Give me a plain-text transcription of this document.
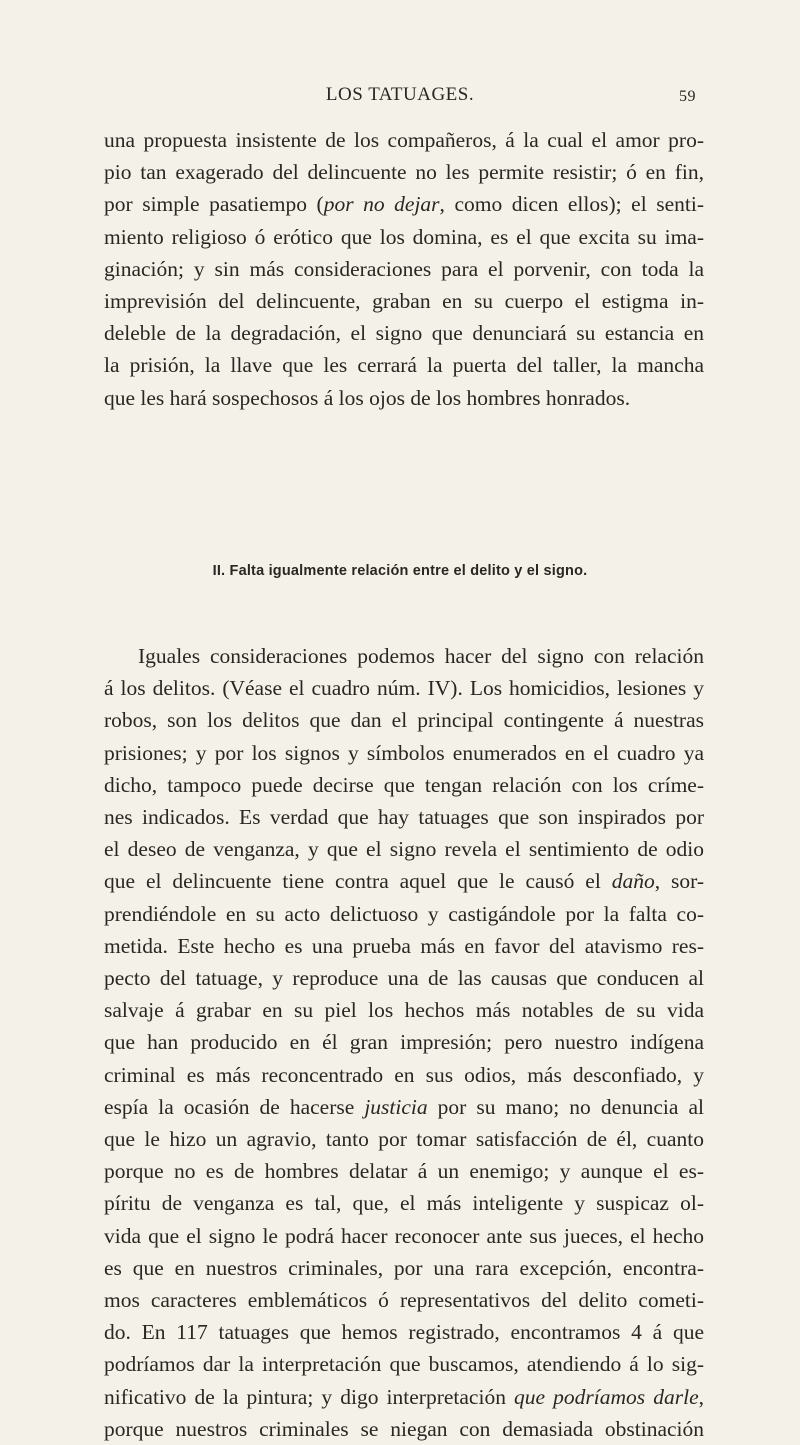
LOS TATUAGES.	59
una propuesta insistente de los compañeros, á la cual el amor pro-
pio tan exagerado del delincuente no les permite resistir; ó en fin,
por simple pasatiempo (por no dejar, como dicen ellos); el senti-
miento religioso ó erótico que los domina, es el que excita su ima-
ginación; y sin más consideraciones para el porvenir, con toda la
imprevisión del delincuente, graban en su cuerpo el estigma in-
deleble de la degradación, el signo que denunciará su estancia en
la prisión, la llave que les cerrará la puerta del taller, la mancha
que les hará sospechosos á los ojos de los hombres honrados.
II. Falta igualmente relación entre el delito y el signo.
Iguales consideraciones podemos hacer del signo con relación
á los delitos. (Véase el cuadro núm. IV). Los homicidios, lesiones y
robos, son los delitos que dan el principal contingente á nuestras
prisiones; y por los signos y símbolos enumerados en el cuadro ya
dicho, tampoco puede decirse que tengan relación con los críme-
nes indicados. Es verdad que hay tatuages que son inspirados por
el deseo de venganza, y que el signo revela el sentimiento de odio
que el delincuente tiene contra aquel que le causó el daño, sor-
prendiéndole en su acto delictuoso y castigándole por la falta co-
metida. Este hecho es una prueba más en favor del atavismo res-
pecto del tatuage, y reproduce una de las causas que conducen al
salvaje á grabar en su piel los hechos más notables de su vida
que han producido en él gran impresión; pero nuestro indígena
criminal es más reconcentrado en sus odios, más desconfiado, y
espía la ocasión de hacerse justicia por su mano; no denuncia al
que le hizo un agravio, tanto por tomar satisfacción de él, cuanto
porque no es de hombres delatar á un enemigo; y aunque el es-
píritu de venganza es tal, que, el más inteligente y suspicaz ol-
vida que el signo le podrá hacer reconocer ante sus jueces, el hecho
es que en nuestros criminales, por una rara excepción, encontra-
mos caracteres emblemáticos ó representativos del delito cometi-
do. En 117 tatuages que hemos registrado, encontramos 4 á que
podríamos dar la interpretación que buscamos, atendiendo á lo sig-
nificativo de la pintura; y digo interpretación que podríamos darle,
porque nuestros criminales se niegan con demasiada obstinación
